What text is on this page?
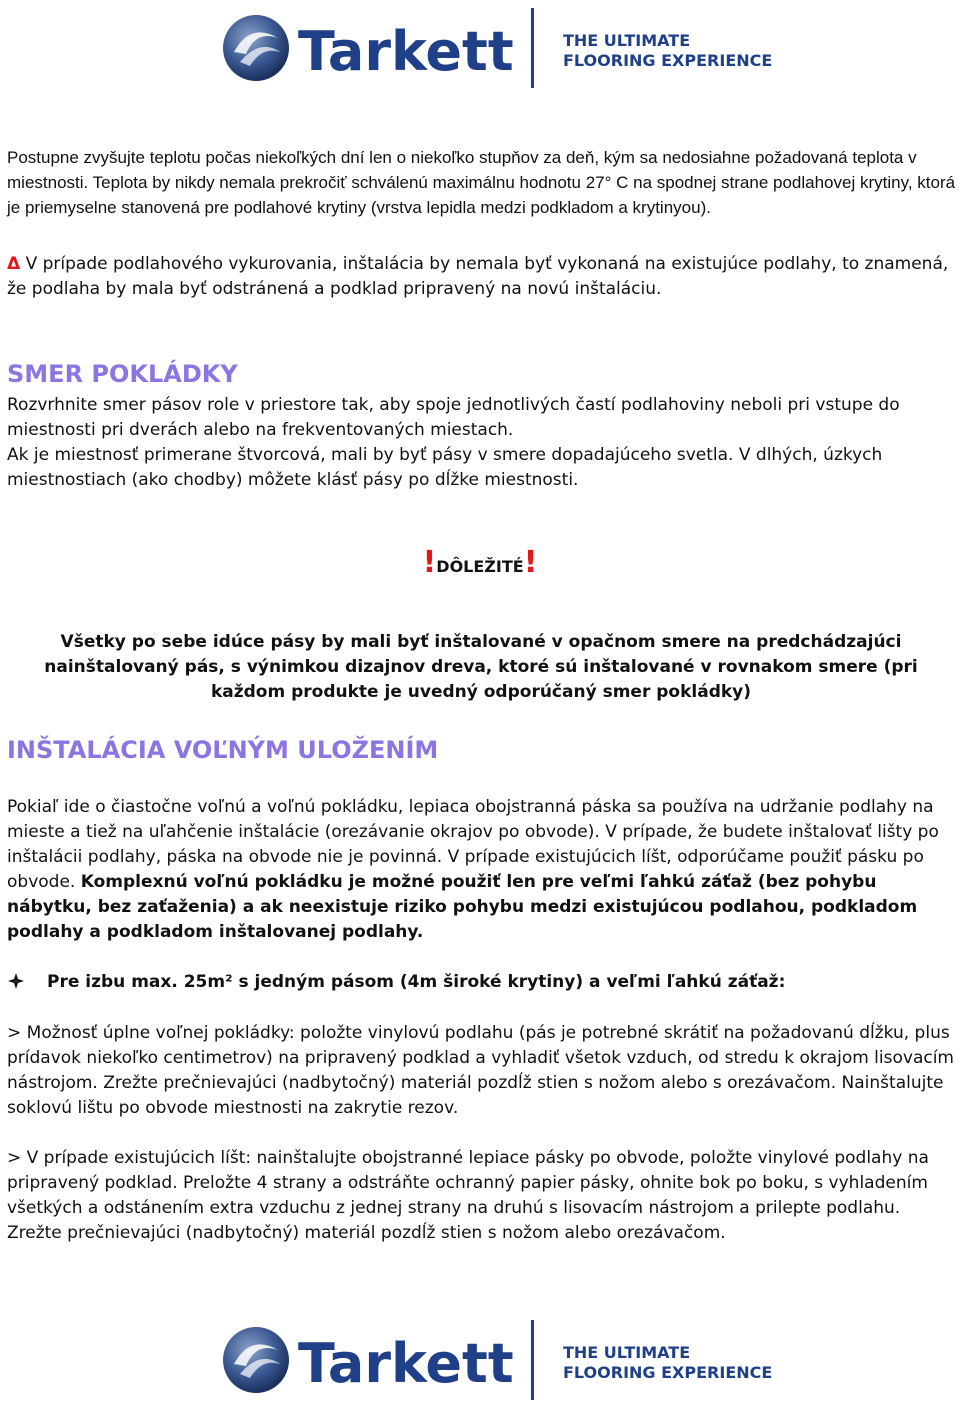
Tarkett	THE ULTIMATE
FLOORING EXPERIENCE

Postupne zvyšujte teplotu počas niekoľkých dní len o niekoľko stupňov za deň, kým sa nedosiahne požadovaná teplota v miestnosti. Teplota by nikdy nemala prekročiť schválenú maximálnu hodnotu 27° C na spodnej strane podlahovej krytiny, ktorá je priemyselne stanovená pre podlahové krytiny (vrstva lepidla medzi podkladom a krytinyou).

Δ V prípade podlahového vykurovania, inštalácia by nemala byť vykonaná na existujúce podlahy, to znamená, že podlaha by mala byť odstránená a podklad pripravený na novú inštaláciu.

SMER POKLÁDKY

Rozvrhnite smer pásov role v priestore tak, aby spoje jednotlivých častí podlahoviny neboli pri vstupe do miestnosti pri dverách alebo na frekventovaných miestach.

Ak je miestnosť primerane štvorcová, mali by byť pásy v smere dopadajúceho svetla. V dlhých, úzkych miestnostiach (ako chodby) môžete klásť pásy po dĺžke miestnosti.

!DÔLEŽITÉ!

Všetky po sebe idúce pásy by mali byť inštalované v opačnom smere na predchádzajúci nainštalovaný pás, s výnimkou dizajnov dreva, ktoré sú inštalované v rovnakom smere (pri každom produkte je uvedný odporúčaný smer pokládky)

INŠTALÁCIA VOĽNÝM ULOŽENÍM

Pokiaľ ide o čiastočne voľnú a voľnú pokládku, lepiaca obojstranná páska sa používa na udržanie podlahy na mieste a tiež na uľahčenie inštalácie (orezávanie okrajov po obvode). V prípade, že budete inštalovať lišty po inštalácii podlahy, páska na obvode nie je povinná. V prípade existujúcich líšt, odporúčame použiť pásku po obvode. Komplexnú voľnú pokládku je možné použiť len pre veľmi ľahkú záťaž (bez pohybu nábytku, bez zaťaženia) a ak neexistuje riziko pohybu medzi existujúcou podlahou, podkladom podlahy a podkladom inštalovanej podlahy.

Pre izbu max. 25m² s jedným pásom (4m široké krytiny) a veľmi ľahkú záťaž:

> Možnosť úplne voľnej pokládky: položte vinylovú podlahu (pás je potrebné skrátiť na požadovanú dĺžku, plus prídavok niekoľko centimetrov) na pripravený podklad a vyhladiť všetok vzduch, od stredu k okrajom lisovacím nástrojom. Zrežte prečnievajúci (nadbytočný) materiál pozdĺž stien s nožom alebo s orezávačom. Nainštalujte soklovú lištu po obvode miestnosti na zakrytie rezov.

> V prípade existujúcich líšt: nainštalujte obojstranné lepiace pásky po obvode, položte vinylové podlahy na pripravený podklad. Preložte 4 strany a odstráňte ochranný papier pásky, ohnite bok po boku, s vyhladením všetkých a odstánením extra vzduchu z jednej strany na druhú s lisovacím nástrojom a prilepte podlahu. Zrežte prečnievajúci (nadbytočný) materiál pozdĺž stien s nožom alebo orezávačom.

Tarkett	THE ULTIMATE
FLOORING EXPERIENCE
